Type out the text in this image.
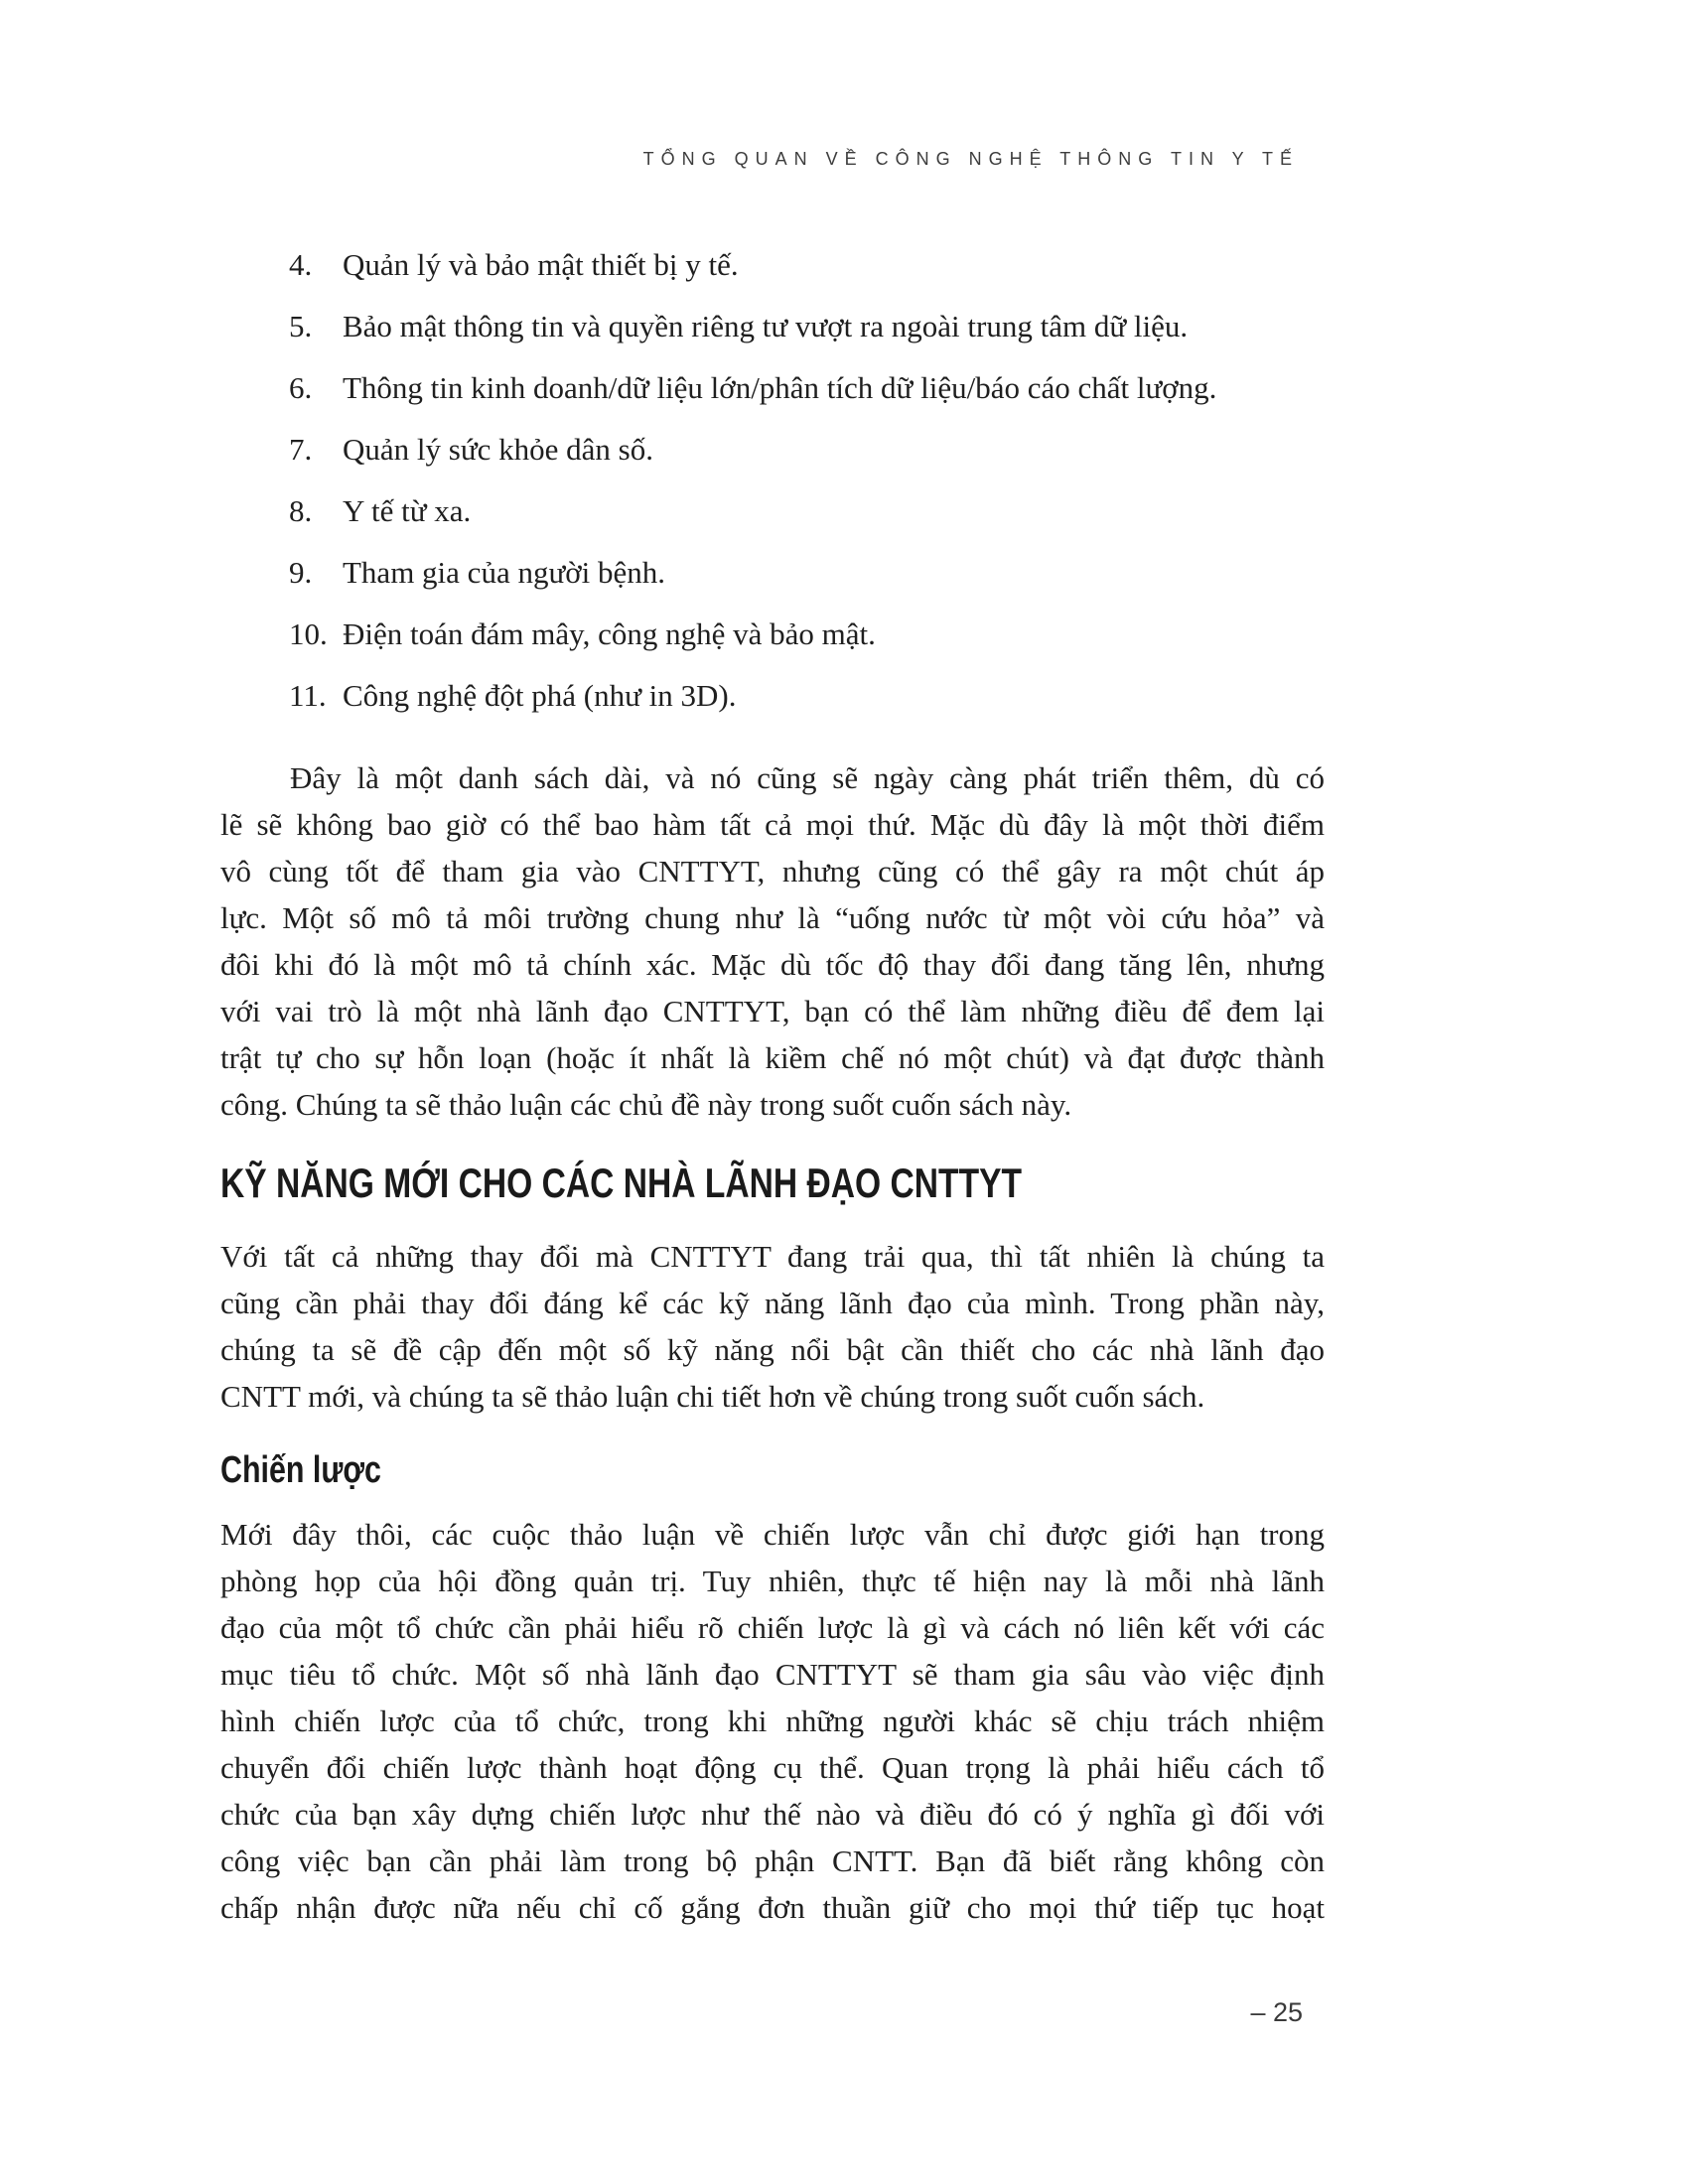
TỔNG QUAN VỀ CÔNG NGHỆ THÔNG TIN Y TẾ
4. Quản lý và bảo mật thiết bị y tế.
5. Bảo mật thông tin và quyền riêng tư vượt ra ngoài trung tâm dữ liệu.
6. Thông tin kinh doanh/dữ liệu lớn/phân tích dữ liệu/báo cáo chất lượng.
7. Quản lý sức khỏe dân số.
8. Y tế từ xa.
9. Tham gia của người bệnh.
10. Điện toán đám mây, công nghệ và bảo mật.
11. Công nghệ đột phá (như in 3D).
Đây là một danh sách dài, và nó cũng sẽ ngày càng phát triển thêm, dù có
lẽ sẽ không bao giờ có thể bao hàm tất cả mọi thứ. Mặc dù đây là một thời điểm
vô cùng tốt để tham gia vào CNTTYT, nhưng cũng có thể gây ra một chút áp
lực. Một số mô tả môi trường chung như là “uống nước từ một vòi cứu hỏa” và
đôi khi đó là một mô tả chính xác. Mặc dù tốc độ thay đổi đang tăng lên, nhưng
với vai trò là một nhà lãnh đạo CNTTYT, bạn có thể làm những điều để đem lại
trật tự cho sự hỗn loạn (hoặc ít nhất là kiềm chế nó một chút) và đạt được thành
công. Chúng ta sẽ thảo luận các chủ đề này trong suốt cuốn sách này.
KỸ NĂNG MỚI CHO CÁC NHÀ LÃNH ĐẠO CNTTYT
Với tất cả những thay đổi mà CNTTYT đang trải qua, thì tất nhiên là chúng ta
cũng cần phải thay đổi đáng kể các kỹ năng lãnh đạo của mình. Trong phần này,
chúng ta sẽ đề cập đến một số kỹ năng nổi bật cần thiết cho các nhà lãnh đạo
CNTT mới, và chúng ta sẽ thảo luận chi tiết hơn về chúng trong suốt cuốn sách.
Chiến lược
Mới đây thôi, các cuộc thảo luận về chiến lược vẫn chỉ được giới hạn trong
phòng họp của hội đồng quản trị. Tuy nhiên, thực tế hiện nay là mỗi nhà lãnh
đạo của một tổ chức cần phải hiểu rõ chiến lược là gì và cách nó liên kết với các
mục tiêu tổ chức. Một số nhà lãnh đạo CNTTYT sẽ tham gia sâu vào việc định
hình chiến lược của tổ chức, trong khi những người khác sẽ chịu trách nhiệm
chuyển đổi chiến lược thành hoạt động cụ thể. Quan trọng là phải hiểu cách tổ
chức của bạn xây dựng chiến lược như thế nào và điều đó có ý nghĩa gì đối với
công việc bạn cần phải làm trong bộ phận CNTT. Bạn đã biết rằng không còn
chấp nhận được nữa nếu chỉ cố gắng đơn thuần giữ cho mọi thứ tiếp tục hoạt
– 25
